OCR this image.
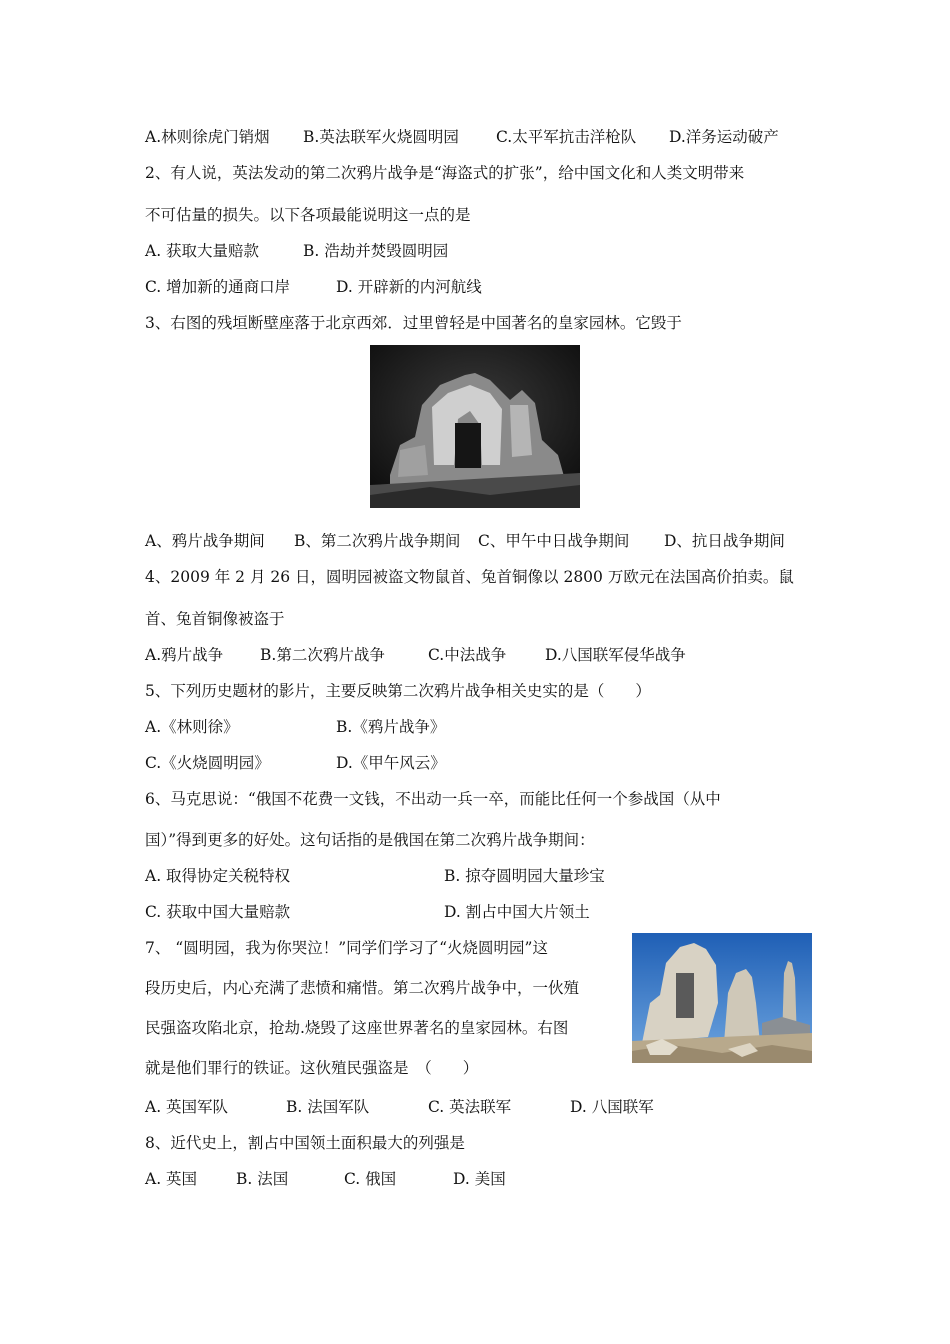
A.林则徐虎门销烟 B.英法联军火烧圆明园 C.太平军抗击洋枪队 D.洋务运动破产
2、有人说，英法发动的第二次鸦片战争是“海盗式的扩张”，给中国文化和人类文明带来
不可估量的损失。以下各项最能说明这一点的是
A. 获取大量赔款	B. 浩劫并焚毁圆明园
C. 增加新的通商口岸	D. 开辟新的内河航线
3、右图的残垣断壁座落于北京西郊．过里曾轻是中国著名的皇家园林。它毁于
A、鸦片战争期间 B、第二次鸦片战争期间 C、甲午中日战争期间 D、抗日战争期间
4、2009 年 2 月 26 日，圆明园被盗文物鼠首、兔首铜像以 2800 万欧元在法国高价拍卖。鼠
首、兔首铜像被盗于
A.鸦片战争 B.第二次鸦片战争	C.中法战争	D.八国联军侵华战争
5、下列历史题材的影片，主要反映第二次鸦片战争相关史实的是（　　）
A.《林则徐》	B.《鸦片战争》
C.《火烧圆明园》	D.《甲午风云》
6、马克思说：“俄国不花费一文钱，不出动一兵一卒，而能比任何一个参战国（从中
国）”得到更多的好处。这句话指的是俄国在第二次鸦片战争期间：
A. 取得协定关税特权	B. 掠夺圆明园大量珍宝
C. 获取中国大量赔款	D. 割占中国大片领土
7、 “圆明园，我为你哭泣！”同学们学习了“火烧圆明园”这
段历史后，内心充满了悲愤和痛惜。第二次鸦片战争中，一伙殖
民强盗攻陷北京，抢劫.烧毁了这座世界著名的皇家园林。右图
就是他们罪行的铁证。这伙殖民强盗是　（　　）
A. 英国军队	B. 法国军队	C. 英法联军	D. 八国联军
8、近代史上，割占中国领土面积最大的列强是
A. 英国	B. 法国	C. 俄国	D. 美国
